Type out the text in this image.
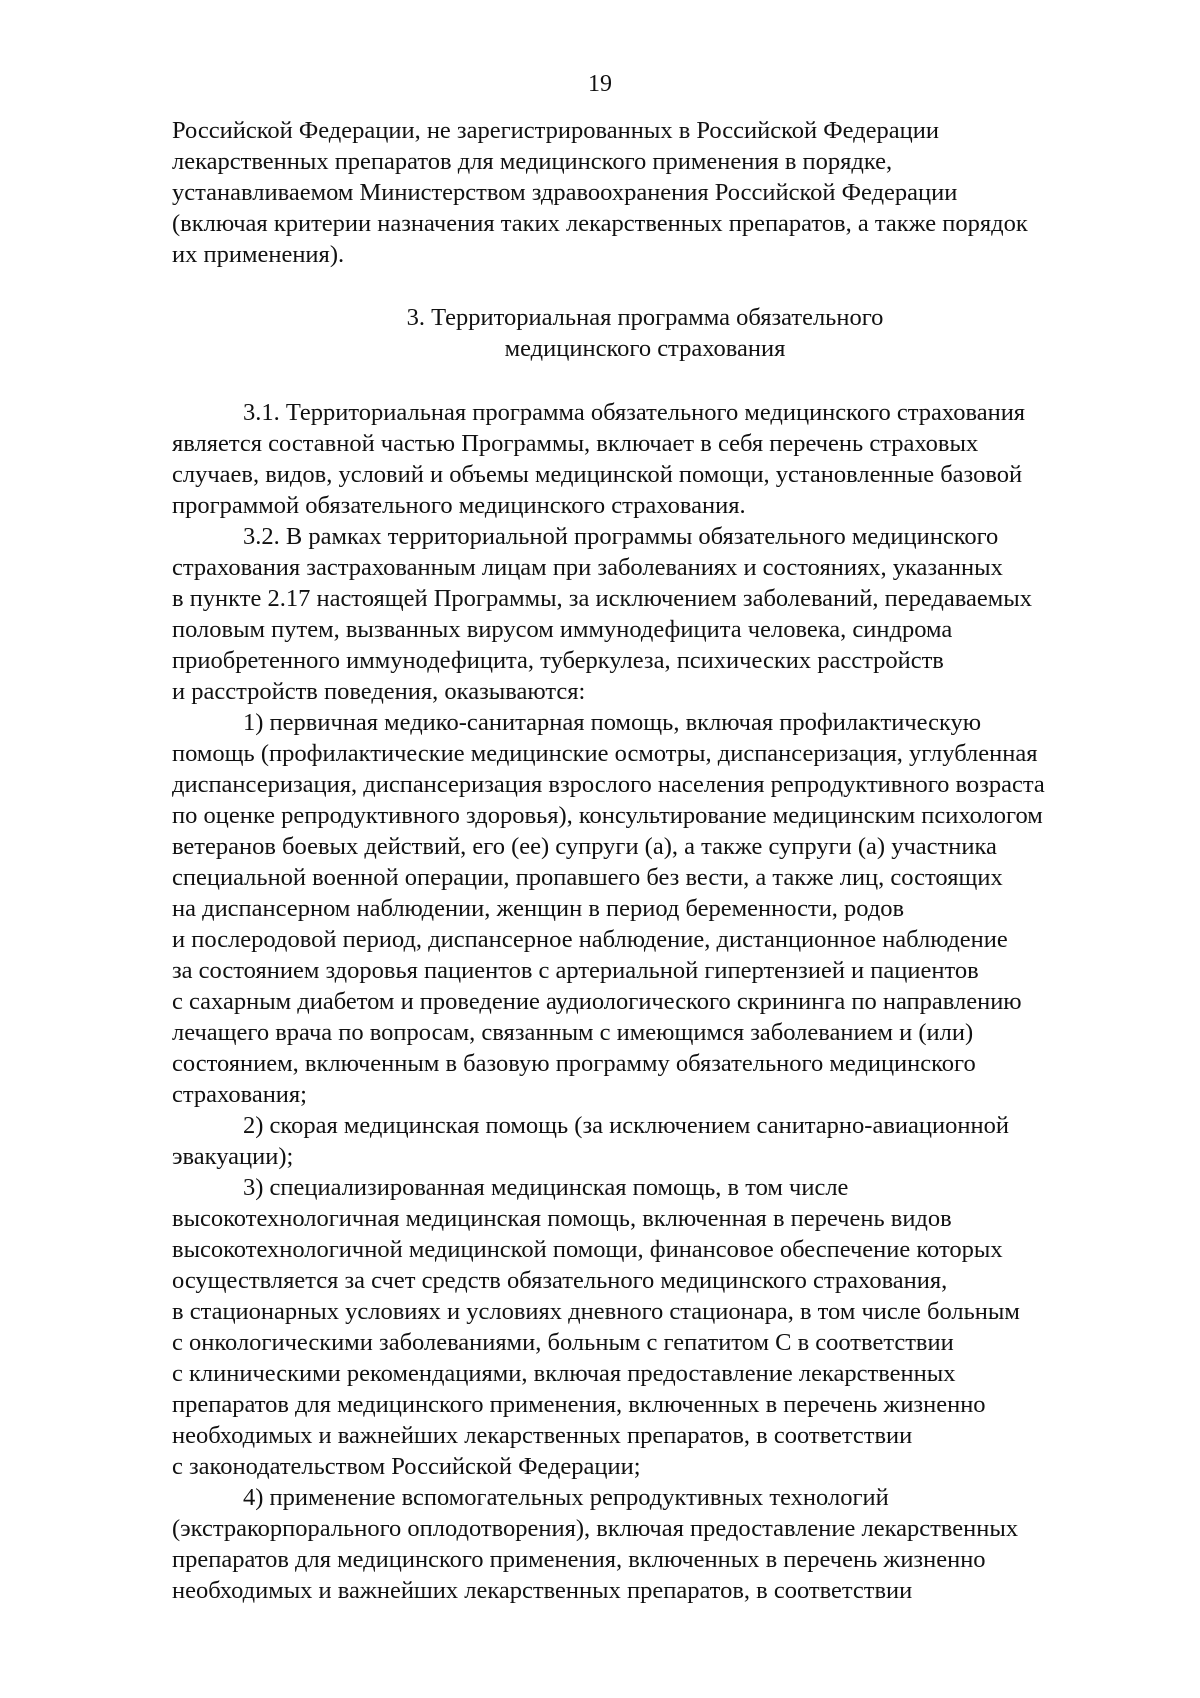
19
Российской Федерации, не зарегистрированных в Российской Федерации
лекарственных препаратов для медицинского применения в порядке,
устанавливаемом Министерством здравоохранения Российской Федерации
(включая критерии назначения таких лекарственных препаратов, а также порядок
их применения).
3. Территориальная программа обязательного
медицинского страхования
3.1. Территориальная программа обязательного медицинского страхования
является составной частью Программы, включает в себя перечень страховых
случаев, видов, условий и объемы медицинской помощи, установленные базовой
программой обязательного медицинского страхования.
3.2. В рамках территориальной программы обязательного медицинского
страхования застрахованным лицам при заболеваниях и состояниях, указанных
в пункте 2.17 настоящей Программы, за исключением заболеваний, передаваемых
половым путем, вызванных вирусом иммунодефицита человека, синдрома
приобретенного иммунодефицита, туберкулеза, психических расстройств
и расстройств поведения, оказываются:
1) первичная медико-санитарная помощь, включая профилактическую
помощь (профилактические медицинские осмотры, диспансеризация, углубленная
диспансеризация, диспансеризация взрослого населения репродуктивного возраста
по оценке репродуктивного здоровья), консультирование медицинским психологом
ветеранов боевых действий, его (ее) супруги (а), а также супруги (а) участника
специальной военной операции, пропавшего без вести, а также лиц, состоящих
на диспансерном наблюдении, женщин в период беременности, родов
и послеродовой период, диспансерное наблюдение, дистанционное наблюдение
за состоянием здоровья пациентов с артериальной гипертензией и пациентов
с сахарным диабетом и проведение аудиологического скрининга по направлению
лечащего врача по вопросам, связанным с имеющимся заболеванием и (или)
состоянием, включенным в базовую программу обязательного медицинского
страхования;
2) скорая медицинская помощь (за исключением санитарно-авиационной
эвакуации);
3) специализированная медицинская помощь, в том числе
высокотехнологичная медицинская помощь, включенная в перечень видов
высокотехнологичной медицинской помощи, финансовое обеспечение которых
осуществляется за счет средств обязательного медицинского страхования,
в стационарных условиях и условиях дневного стационара, в том числе больным
с онкологическими заболеваниями, больным с гепатитом С в соответствии
с клиническими рекомендациями, включая предоставление лекарственных
препаратов для медицинского применения, включенных в перечень жизненно
необходимых и важнейших лекарственных препаратов, в соответствии
с законодательством Российской Федерации;
4) применение вспомогательных репродуктивных технологий
(экстракорпорального оплодотворения), включая предоставление лекарственных
препаратов для медицинского применения, включенных в перечень жизненно
необходимых и важнейших лекарственных препаратов, в соответствии
